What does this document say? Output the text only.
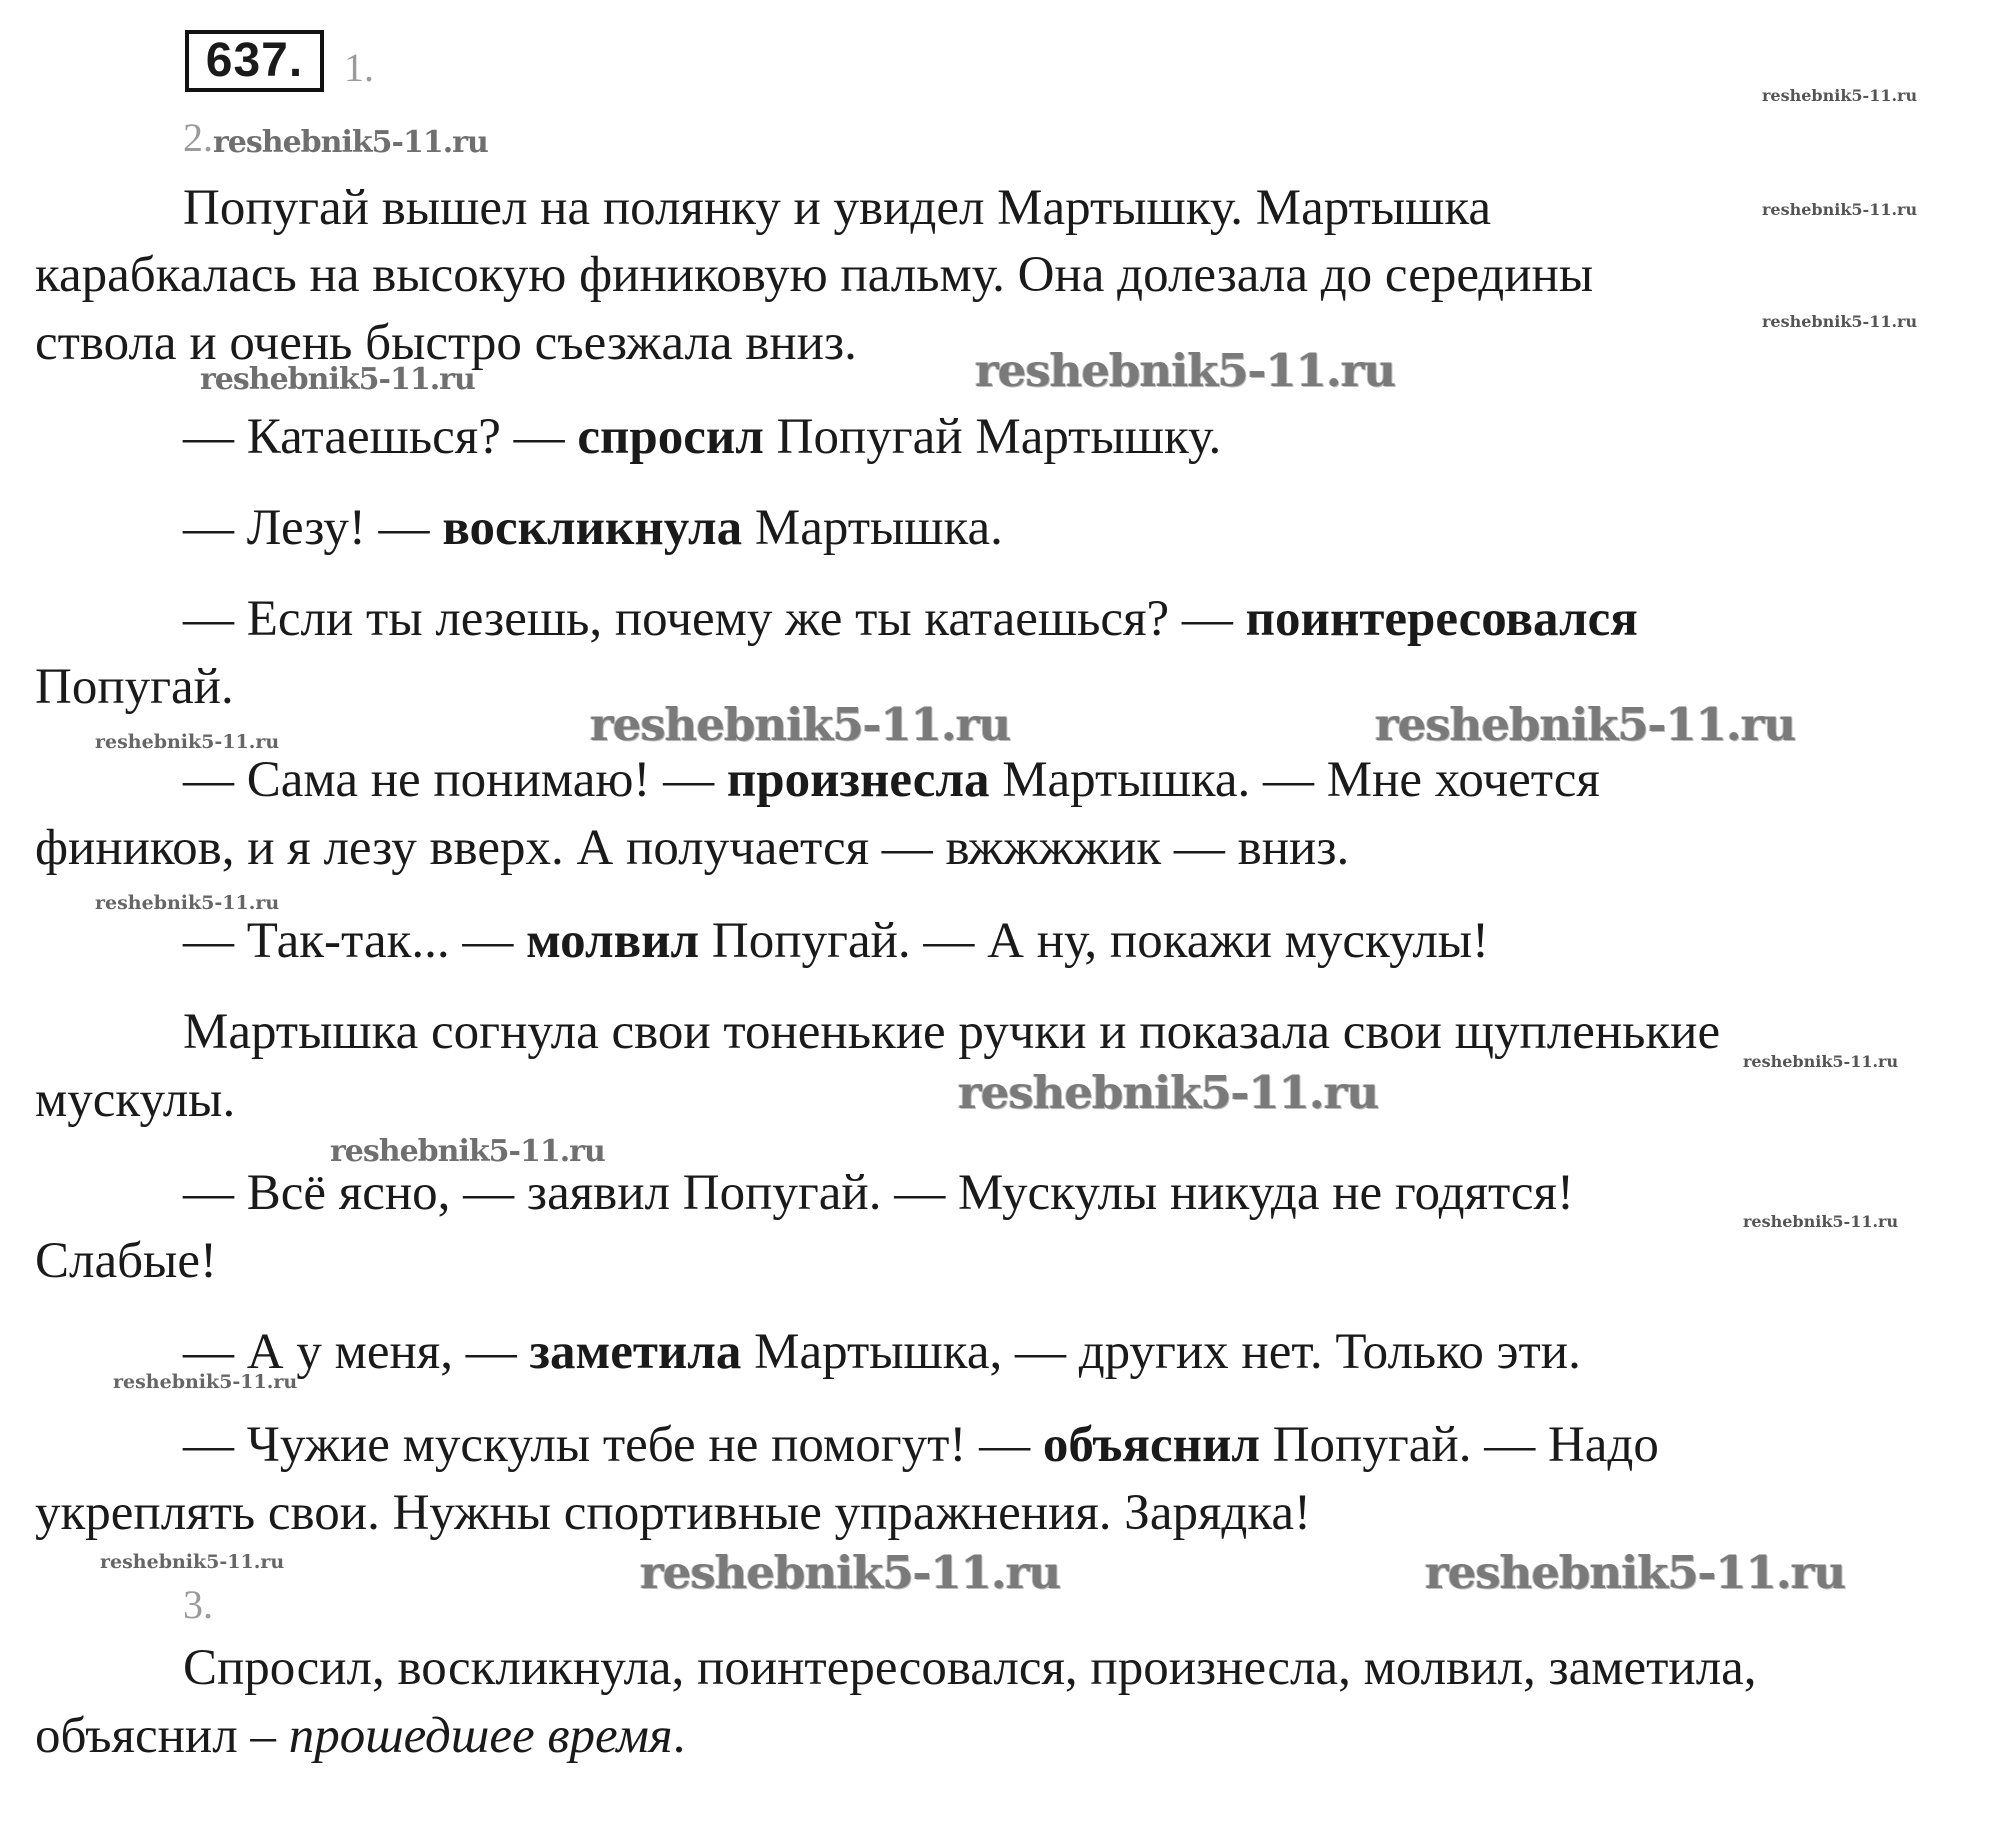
637.	1.
2. reshebnik5-11.ru
reshebnik5-11.ru
reshebnik5-11.ru
reshebnik5-11.ru
reshebnik5-11.ru
reshebnik5-11.ru
Попугай вышел на полянку и увидел Мартышку. Мартышка
карабкалась на высокую финиковую пальму. Она долезала до середины
ствола и очень быстро съезжала вниз.
reshebnik5-11.ru	reshebnik5-11.ru
— Катаешься? — спросил Попугай Мартышку.
— Лезу! — воскликнула Мартышка.
— Если ты лезешь, почему же ты катаешься? — поинтересовался
Попугай.
reshebnik5-11.ru	reshebnik5-11.ru	reshebnik5-11.ru
— Сама не понимаю! — произнесла Мартышка. — Мне хочется
фиников, и я лезу вверх. А получается — вжжжжик — вниз.
reshebnik5-11.ru
— Так-так... — молвил Попугай. — А ну, покажи мускулы!
Мартышка согнула свои тоненькие ручки и показала свои щупленькие
мускулы.	reshebnik5-11.ru
reshebnik5-11.ru
— Всё ясно, — заявил Попугай. — Мускулы никуда не годятся!
Слабые!
— А у меня, — заметила Мартышка, — других нет. Только эти.
reshebnik5-11.ru
— Чужие мускулы тебе не помогут! — объяснил Попугай. — Надо
укреплять свои. Нужны спортивные упражнения. Зарядка!
reshebnik5-11.ru	reshebnik5-11.ru	reshebnik5-11.ru
3.
Спросил, воскликнула, поинтересовался, произнесла, молвил, заметила,
объяснил – прошедшее время.
